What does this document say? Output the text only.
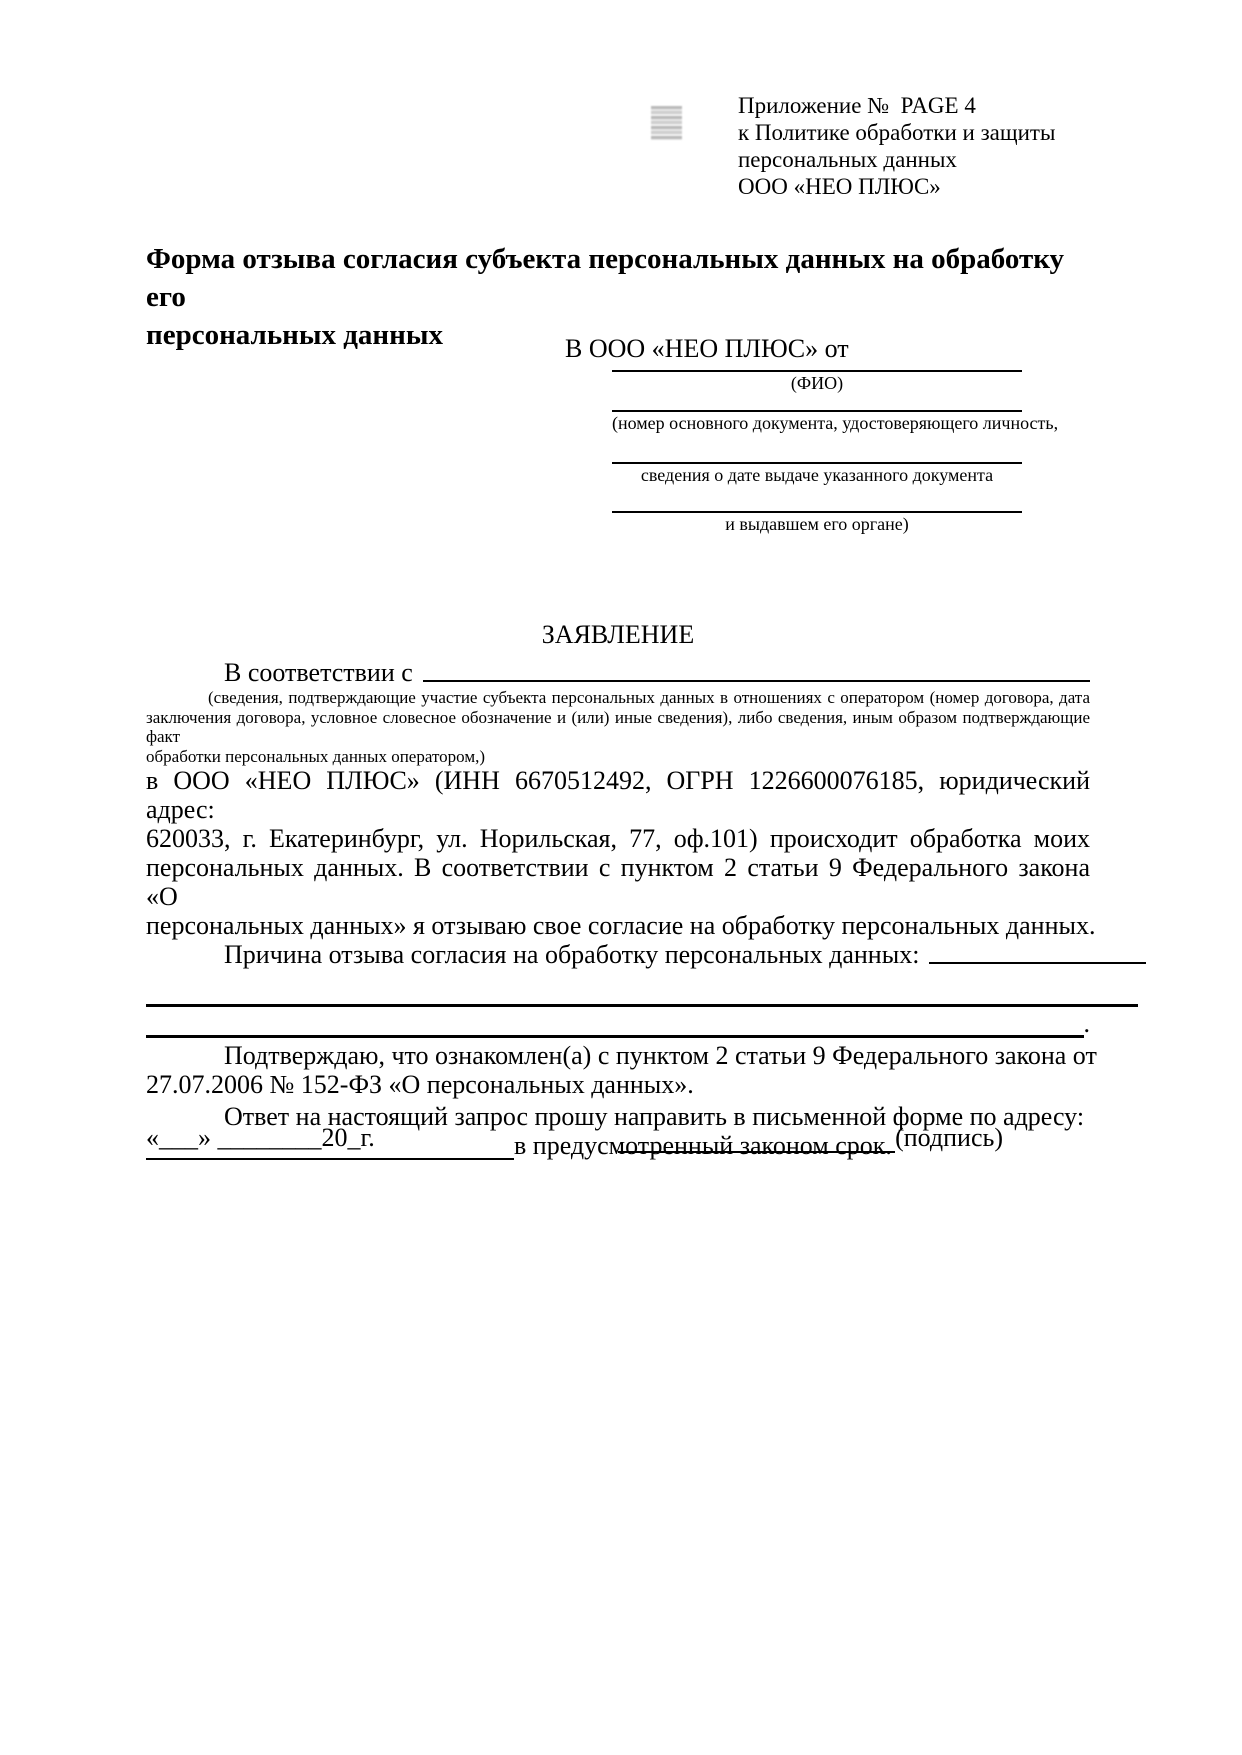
Приложение №  PAGE 4
к Политике обработки и защиты
персональных данных
ООО «НЕО ПЛЮС»
Форма отзыва согласия субъекта персональных данных на обработку его
персональных данных	В ООО «НЕО ПЛЮС» от
(ФИО)
(номер основного документа, удостоверяющего личность,
сведения о дате выдаче указанного документа
и выдавшем его органе)
ЗАЯВЛЕНИЕ
В соответствии с
(сведения, подтверждающие участие субъекта персональных данных в отношениях с оператором (номер договора, дата
заключения договора, условное словесное обозначение и (или) иные сведения), либо сведения, иным образом подтверждающие факт
обработки персональных данных оператором,)
в ООО «НЕО ПЛЮС» (ИНН 6670512492, ОГРН 1226600076185, юридический адрес:
620033, г. Екатеринбург, ул. Норильская, 77, оф.101) происходит обработка моих
персональных данных. В соответствии с пунктом 2 статьи 9 Федерального закона «О
персональных данных» я отзываю свое согласие на обработку персональных данных.
Причина отзыва согласия на обработку персональных данных:
.
Подтверждаю, что ознакомлен(а) с пунктом 2 статьи 9 Федерального закона от
27.07.2006 № 152-ФЗ «О персональных данных».
Ответ на настоящий запрос прошу направить в письменной форме по адресу:
в предусмотренный законом срок.
«___» ________20_г.	(подпись)
